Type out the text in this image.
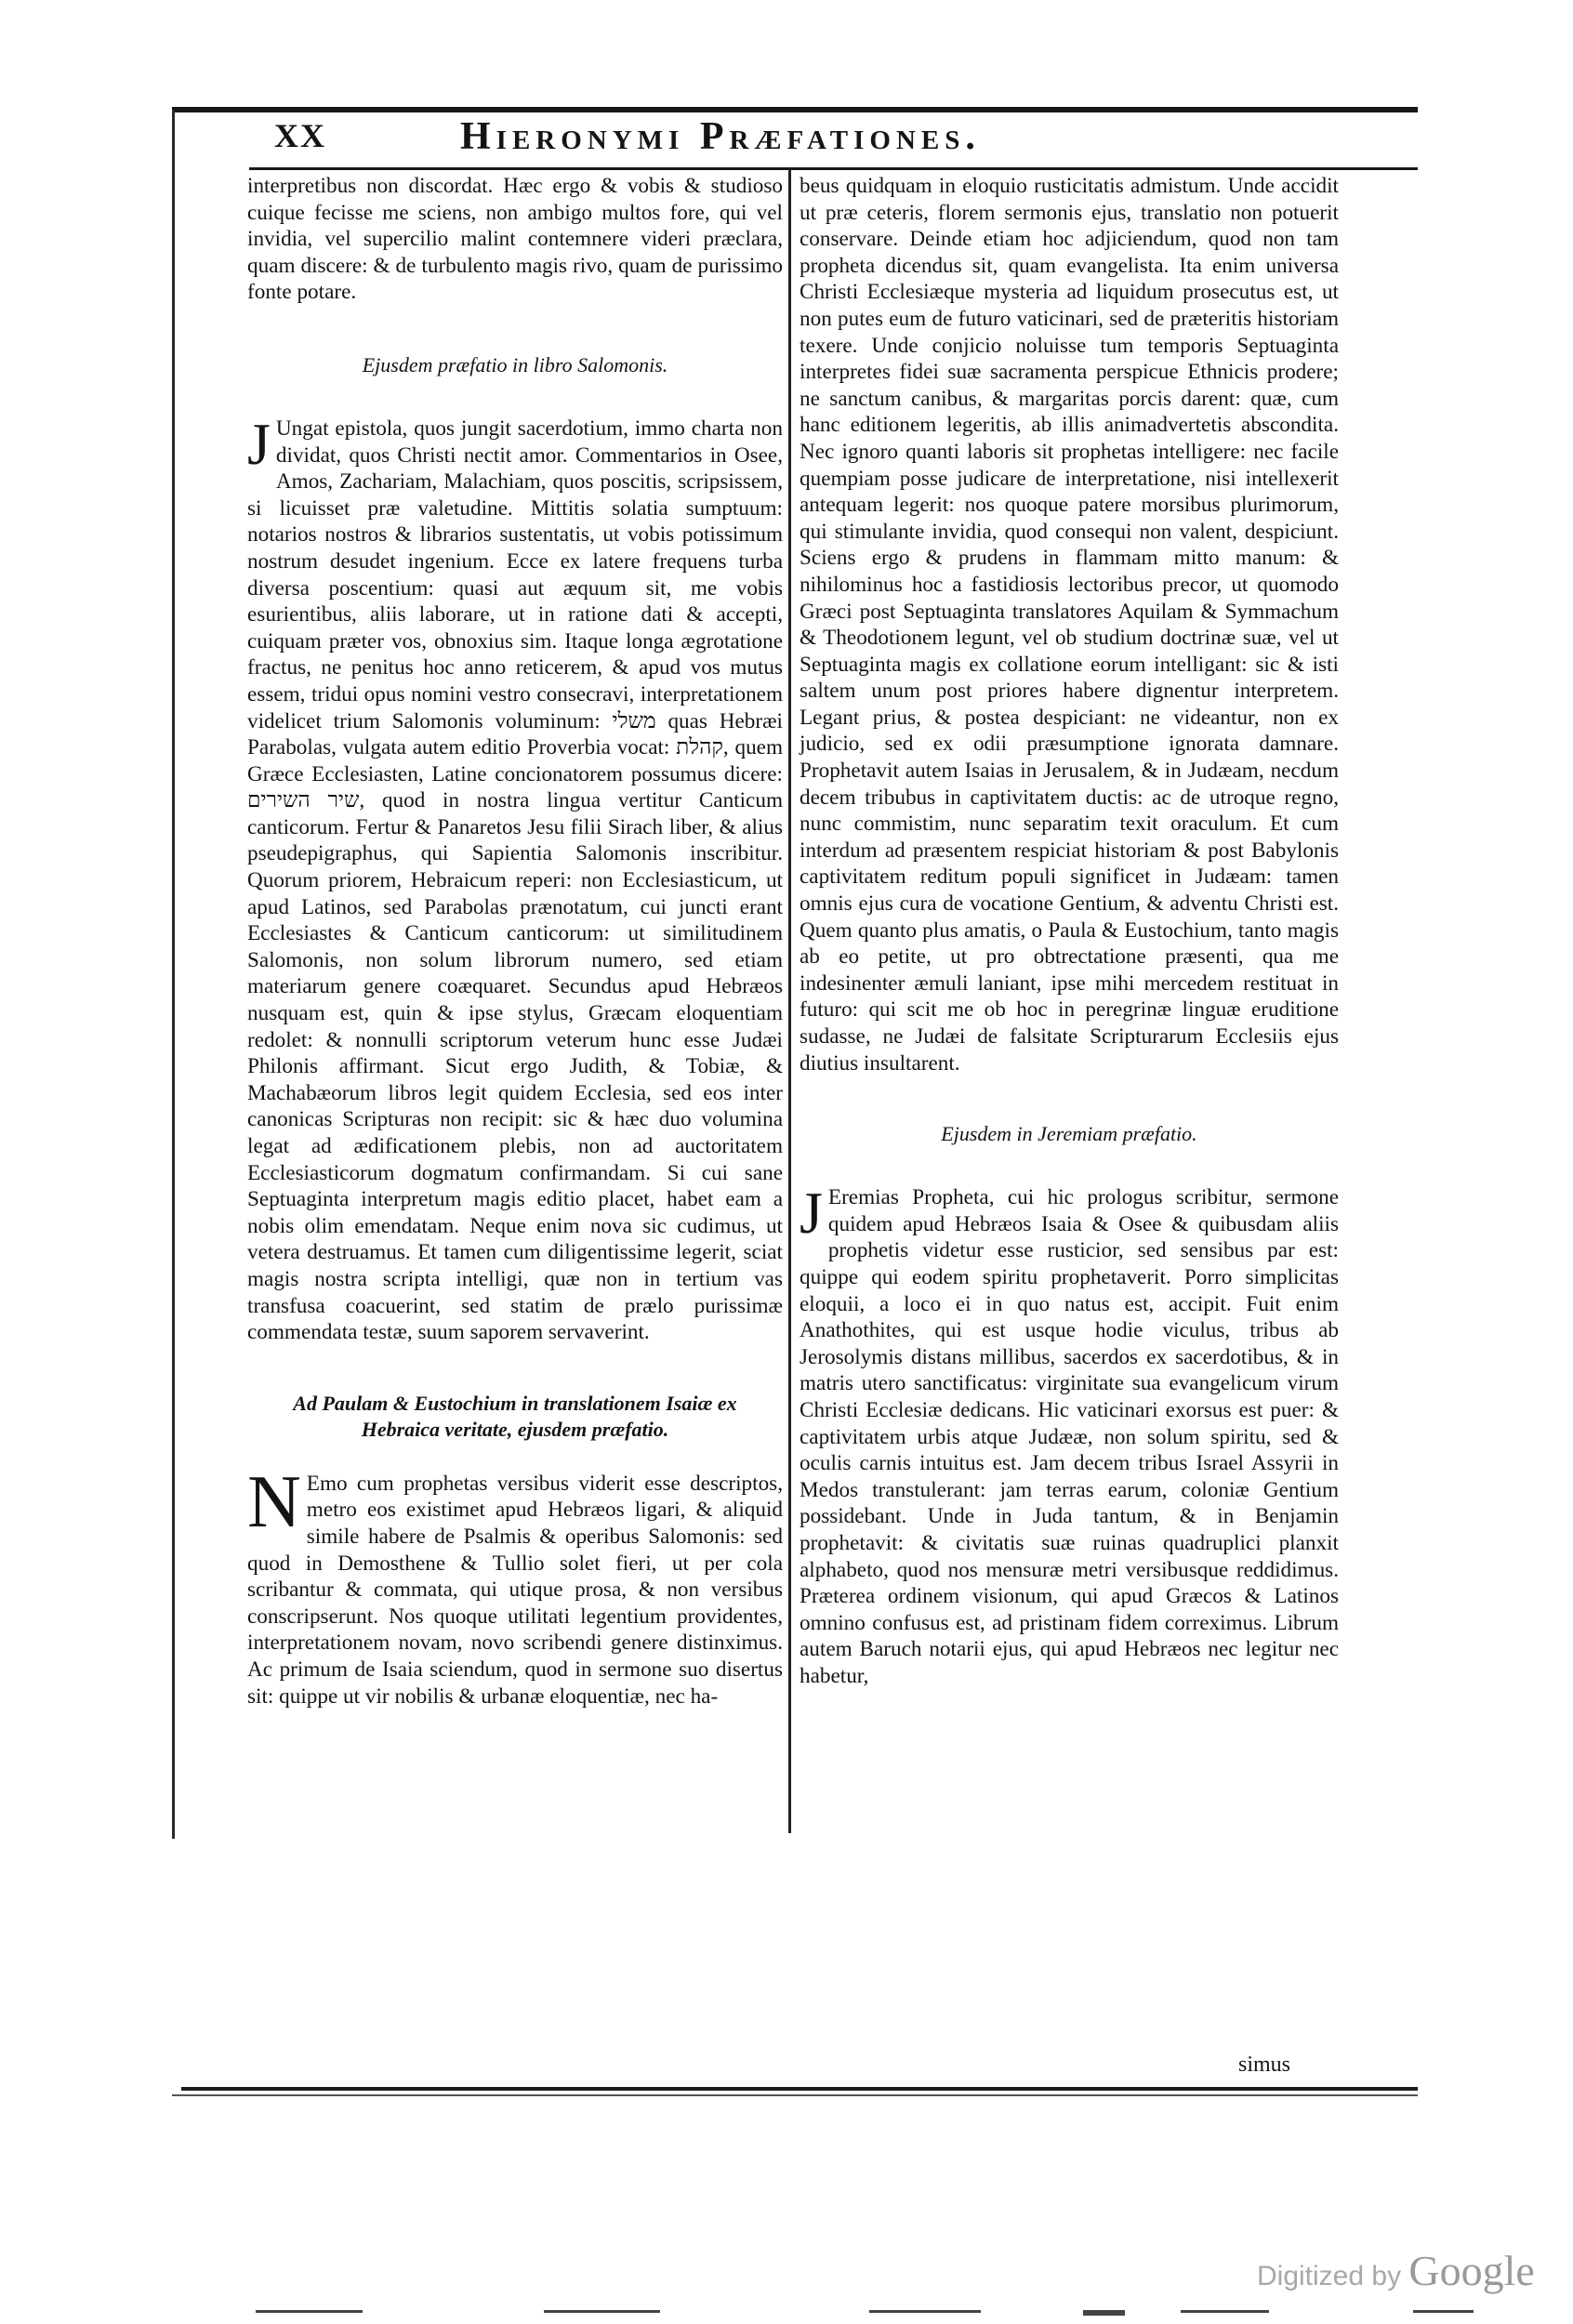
XX	Hieronymi Præfationes.

interpretibus non discordat. Hæc ergo & vobis & studioso cuique fecisse me sciens, non ambigo multos fore, qui vel invidia, vel supercilio malint contemnere videri præclara, quam discere: & de turbulento magis rivo, quam de purissimo fonte potare.

Ejusdem præfatio in libro Salomonis.

J Ungat epistola, quos jungit sacerdotium, immo charta non dividat, quos Christi nectit amor. Commentarios in Osee, Amos, Zachariam, Malachiam, quos poscitis, scripsissem, si licuisset præ valetudine. Mittitis solatia sumptuum: notarios nostros & librarios sustentatis, ut vobis potissimum nostrum desudet ingenium. Ecce ex latere frequens turba diversa poscentium: quasi aut æquum sit, me vobis esurientibus, aliis laborare, ut in ratione dati & accepti, cuiquam præter vos, obnoxius sim. Itaque longa ægrotatione fractus, ne penitus hoc anno reticerem, & apud vos mutus essem, tridui opus nomini vestro consecravi, interpretationem videlicet trium Salomonis voluminum: משלי quas Hebræi Parabolas, vulgata autem editio Proverbia vocat: קהלת, quem Græce Ecclesiasten, Latine concionatorem possumus dicere: שיר השירים, quod in nostra lingua vertitur Canticum canticorum. Fertur & Panaretos Jesu filii Sirach liber, & alius pseudepigraphus, qui Sapientia Salomonis inscribitur. Quorum priorem, Hebraicum reperi: non Ecclesiasticum, ut apud Latinos, sed Parabolas prænotatum, cui juncti erant Ecclesiastes & Canticum canticorum: ut similitudinem Salomonis, non solum librorum numero, sed etiam materiarum genere coæquaret. Secundus apud Hebræos nusquam est, quin & ipse stylus, Græcam eloquentiam redolet: & nonnulli scriptorum veterum hunc esse Judæi Philonis affirmant. Sicut ergo Judith, & Tobiæ, & Machabæorum libros legit quidem Ecclesia, sed eos inter canonicas Scripturas non recipit: sic & hæc duo volumina legat ad ædificationem plebis, non ad auctoritatem Ecclesiasticorum dogmatum confirmandam. Si cui sane Septuaginta interpretum magis editio placet, habet eam a nobis olim emendatam. Neque enim nova sic cudimus, ut vetera destruamus. Et tamen cum diligentissime legerit, sciat magis nostra scripta intelligi, quæ non in tertium vas transfusa coacuerint, sed statim de prælo purissimæ commendata testæ, suum saporem servaverint.

Ad Paulam & Eustochium in translationem Isaiæ ex Hebraica veritate, ejusdem præfatio.

N Emo cum prophetas versibus viderit esse descriptos, metro eos existimet apud Hebræos ligari, & aliquid simile habere de Psalmis & operibus Salomonis: sed quod in Demosthene & Tullio solet fieri, ut per cola scribantur & commata, qui utique prosa, & non versibus conscripserunt. Nos quoque utilitati legentium providentes, interpretationem novam, novo scribendi genere distinximus. Ac primum de Isaia sciendum, quod in sermone suo disertus sit: quippe ut vir nobilis & urbanæ eloquentiæ, nec ha-

beus quidquam in eloquio rusticitatis admistum. Unde accidit ut præ ceteris, florem sermonis ejus, translatio non potuerit conservare. Deinde etiam hoc adjiciendum, quod non tam propheta dicendus sit, quam evangelista. Ita enim universa Christi Ecclesiæque mysteria ad liquidum prosecutus est, ut non putes eum de futuro vaticinari, sed de præteritis historiam texere. Unde conjicio noluisse tum temporis Septuaginta interpretes fidei suæ sacramenta perspicue Ethnicis prodere; ne sanctum canibus, & margaritas porcis darent: quæ, cum hanc editionem legeritis, ab illis animadvertetis abscondita. Nec ignoro quanti laboris sit prophetas intelligere: nec facile quempiam posse judicare de interpretatione, nisi intellexerit antequam legerit: nos quoque patere morsibus plurimorum, qui stimulante invidia, quod consequi non valent, despiciunt. Sciens ergo & prudens in flammam mitto manum: & nihilominus hoc a fastidiosis lectoribus precor, ut quomodo Græci post Septuaginta translatores Aquilam & Symmachum & Theodotionem legunt, vel ob studium doctrinæ suæ, vel ut Septuaginta magis ex collatione eorum intelligant: sic & isti saltem unum post priores habere dignentur interpretem. Legant prius, & postea despiciant: ne videantur, non ex judicio, sed ex odii præsumptione ignorata damnare. Prophetavit autem Isaias in Jerusalem, & in Judæam, necdum decem tribubus in captivitatem ductis: ac de utroque regno, nunc commistim, nunc separatim texit oraculum. Et cum interdum ad præsentem respiciat historiam & post Babylonis captivitatem reditum populi significet in Judæam: tamen omnis ejus cura de vocatione Gentium, & adventu Christi est. Quem quanto plus amatis, o Paula & Eustochium, tanto magis ab eo petite, ut pro obtrectatione præsenti, qua me indesinenter æmuli laniant, ipse mihi mercedem restituat in futuro: qui scit me ob hoc in peregrinæ linguæ eruditione sudasse, ne Judæi de falsitate Scripturarum Ecclesiis ejus diutius insultarent.

Ejusdem in Jeremiam præfatio.

J Eremias Propheta, cui hic prologus scribitur, sermone quidem apud Hebræos Isaia & Osee & quibusdam aliis prophetis videtur esse rusticior, sed sensibus par est: quippe qui eodem spiritu prophetaverit. Porro simplicitas eloquii, a loco ei in quo natus est, accipit. Fuit enim Anathothites, qui est usque hodie viculus, tribus ab Jerosolymis distans millibus, sacerdos ex sacerdotibus, & in matris utero sanctificatus: virginitate sua evangelicum virum Christi Ecclesiæ dedicans. Hic vaticinari exorsus est puer: & captivitatem urbis atque Judææ, non solum spiritu, sed & oculis carnis intuitus est. Jam decem tribus Israel Assyrii in Medos transtulerant: jam terras earum, coloniæ Gentium possidebant. Unde in Juda tantum, & in Benjamin prophetavit: & civitatis suæ ruinas quadruplici planxit alphabeto, quod nos mensuræ metri versibusque reddidimus. Præterea ordinem visionum, qui apud Græcos & Latinos omnino confusus est, ad pristinam fidem correximus. Librum autem Baruch notarii ejus, qui apud Hebræos nec legitur nec habetur,

simus
Digitized by Google
